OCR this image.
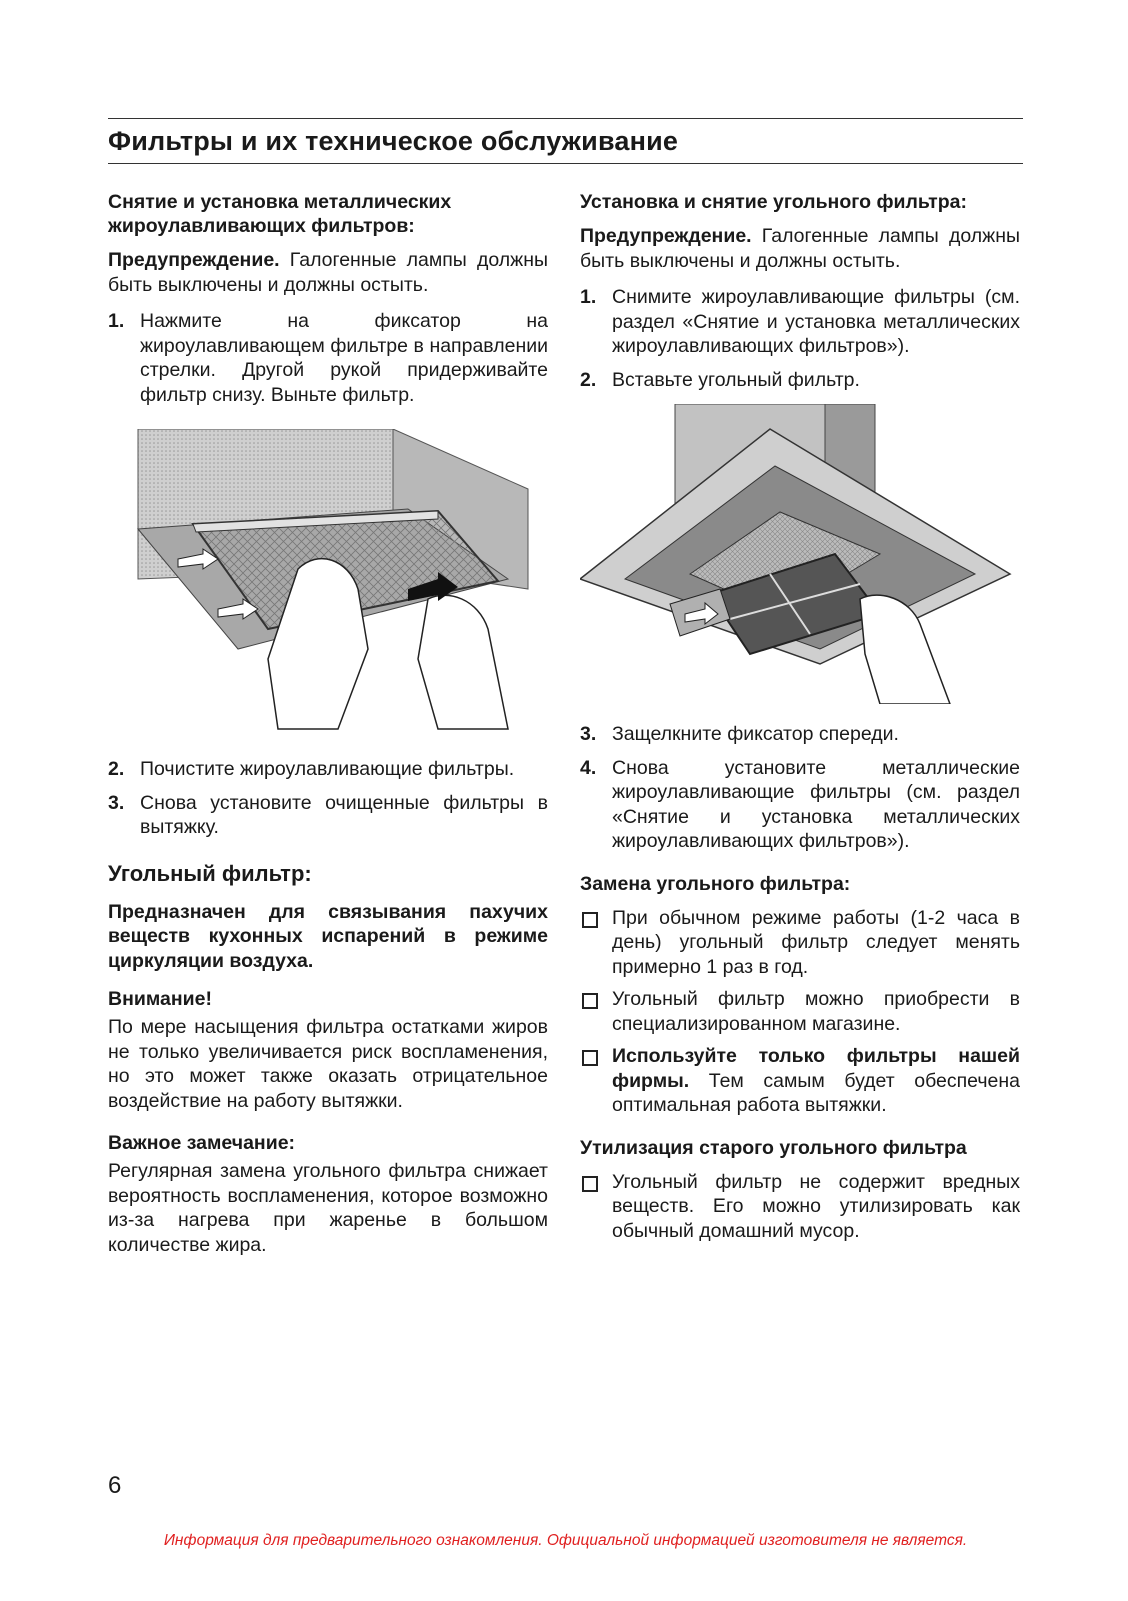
Фильтры и их техническое обслуживание
Снятие и установка металлических жироулавливающих фильтров:

Предупреждение. Галогенные лампы должны быть выключены и должны остыть.

1. Нажмите на фиксатор на жироулавливающем фильтре в направлении стрелки. Другой рукой придерживайте фильтр снизу. Выньте фильтр.
2. Почистите жироулавливающие фильтры.
3. Снова установите очищенные фильтры в вытяжку.
Угольный фильтр:
Предназначен для связывания пахучих веществ кухонных испарений в режиме циркуляции воздуха.
Внимание!

По мере насыщения фильтра остатками жиров не только увеличивается риск воспламенения, но это может также оказать отрицательное воздействие на работу вытяжки.

Важное замечание:

Регулярная замена угольного фильтра снижает вероятность воспламенения, которое возможно из-за нагрева при жаренье в большом количестве жира.

Установка и снятие угольного фильтра:

Предупреждение. Галогенные лампы должны быть выключены и должны остыть.

1. Снимите жироулавливающие фильтры (см. раздел «Снятие и установка металлических жироулавливающих фильтров»).
2. Вставьте угольный фильтр.
3. Защелкните фиксатор спереди.
4. Снова установите металлические жироулавливающие фильтры (см. раздел «Снятие и установка металлических жироулавливающих фильтров»).
Замена угольного фильтра:
При обычном режиме работы (1-2 часа в день) угольный фильтр следует менять примерно 1 раз в год.
Угольный фильтр можно приобрести в специализированном магазине.
Используйте только фильтры нашей фирмы. Тем самым будет обеспечена оптимальная работа вытяжки.
Утилизация старого угольного фильтра
Угольный фильтр не содержит вредных веществ. Его можно утилизировать как обычный домашний мусор.
6
Информация для предварительного ознакомления. Официальной информацией изготовителя не является.
